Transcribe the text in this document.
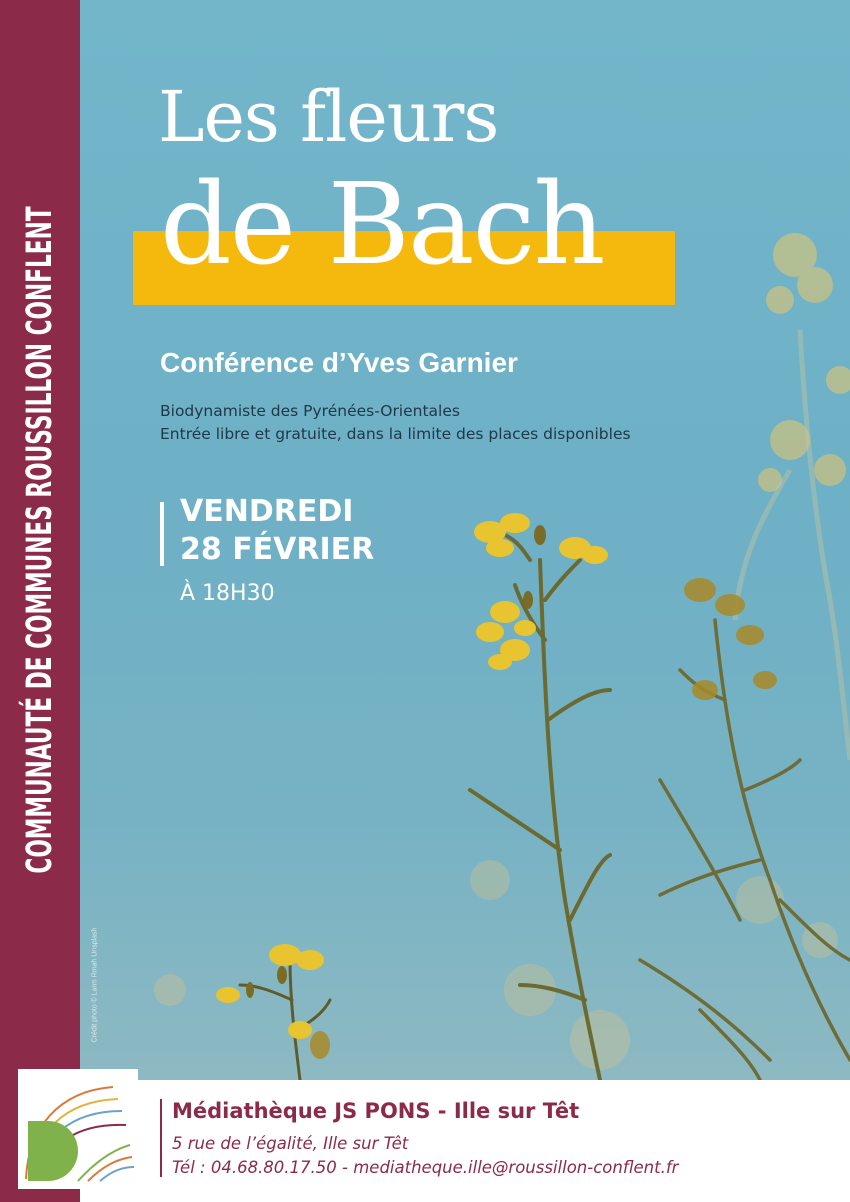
COMMUNAUTÉ DE COMMUNES ROUSSILLON CONFLENT
Crédit photo © Larm Rmah Unsplash
Les fleurs
de Bach
Conférence d’Yves Garnier
Biodynamiste des Pyrénées-Orientales
Entrée libre et gratuite, dans la limite des places disponibles
VENDREDI
28 FÉVRIER
À 18H30
Médiathèque JS PONS - Ille sur Têt
5 rue de l’égalité, Ille sur Têt
Tél : 04.68.80.17.50 - mediatheque.ille@roussillon-conflent.fr
